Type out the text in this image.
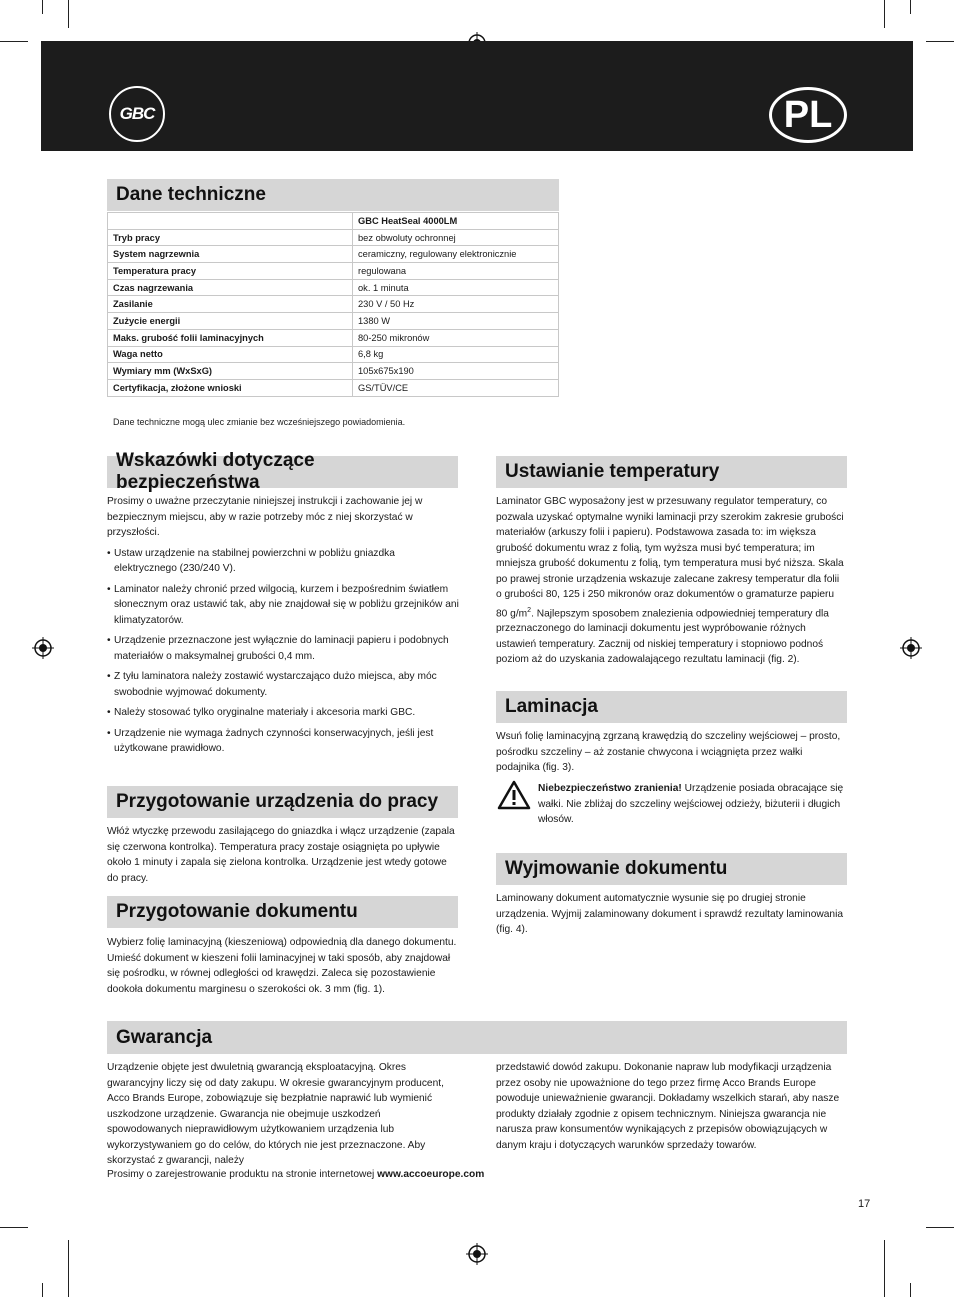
GBC	PL
Dane techniczne
	GBC HeatSeal 4000LM
Tryb pracy	bez obwoluty ochronnej
System nagrzewnia	ceramiczny, regulowany elektronicznie
Temperatura pracy	regulowana
Czas nagrzewania	ok. 1 minuta
Zasilanie	230 V / 50 Hz
Zużycie energii	1380 W
Maks. grubość folii laminacyjnych	80-250 mikronów
Waga netto	6,8 kg
Wymiary mm (WxSxG)	105x675x190
Certyfikacja, złożone wnioski	GS/TÜV/CE
Dane techniczne mogą ulec zmianie bez wcześniejszego powiadomienia.
Wskazówki dotyczące bezpieczeństwa

Prosimy o uważne przeczytanie niniejszej instrukcji i zachowanie jej w bezpiecznym miejscu, aby w razie potrzeby móc z niej skorzystać w przyszłości.

• Ustaw urządzenie na stabilnej powierzchni w pobliżu gniazdka elektrycznego (230/240 V).
• Laminator należy chronić przed wilgocią, kurzem i bezpośrednim światłem słonecznym oraz ustawić tak, aby nie znajdował się w pobliżu grzejników ani klimatyzatorów.
• Urządzenie przeznaczone jest wyłącznie do laminacji papieru i podobnych materiałów o maksymalnej grubości 0,4 mm.
• Z tyłu laminatora należy zostawić wystarczająco dużo miejsca, aby móc swobodnie wyjmować dokumenty.
• Należy stosować tylko oryginalne materiały i akcesoria marki GBC.
• Urządzenie nie wymaga żadnych czynności konserwacyjnych, jeśli jest użytkowane prawidłowo.
Przygotowanie urządzenia do pracy
Włóż wtyczkę przewodu zasilającego do gniazdka i włącz urządzenie (zapala się czerwona kontrolka). Temperatura pracy zostaje osiągnięta po upływie około 1 minuty i zapala się zielona kontrolka. Urządzenie jest wtedy gotowe do pracy.
Przygotowanie dokumentu
Wybierz folię laminacyjną (kieszeniową) odpowiednią dla danego dokumentu. Umieść dokument w kieszeni folii laminacyjnej w taki sposób, aby znajdował się pośrodku, w równej odległości od krawędzi. Zaleca się pozostawienie dookoła dokumentu marginesu o szerokości ok. 3 mm (fig. 1).
Ustawianie temperatury
Laminator GBC wyposażony jest w przesuwany regulator temperatury, co pozwala uzyskać optymalne wyniki laminacji przy szerokim zakresie grubości materiałów (arkuszy folii i papieru). Podstawowa zasada to: im większa grubość dokumentu wraz z folią, tym wyższa musi być temperatura; im mniejsza grubość dokumentu z folią, tym temperatura musi być niższa. Skala po prawej stronie urządzenia wskazuje zalecane zakresy temperatur dla folii o grubości 80, 125 i 250 mikronów oraz dokumentów o gramaturze papieru 80 $g/m^2$. Najlepszym sposobem znalezienia odpowiedniej temperatury dla przeznaczonego do laminacji dokumentu jest wypróbowanie różnych ustawień temperatury. Zacznij od niskiej temperatury i stopniowo podnoś poziom aż do uzyskania zadowalającego rezultatu laminacji (fig. 2).
Laminacja
Wsuń folię laminacyjną zgrzaną krawędzią do szczeliny wejściowej – prosto, pośrodku szczeliny – aż zostanie chwycona i wciągnięta przez wałki podajnika (fig. 3).
Niebezpieczeństwo zranienia! Urządzenie posiada obracające się wałki. Nie zbliżaj do szczeliny wejściowej odzieży, biżuterii i długich włosów.
Wyjmowanie dokumentu
Laminowany dokument automatycznie wysunie się po drugiej stronie urządzenia. Wyjmij zalaminowany dokument i sprawdź rezultaty laminowania (fig. 4).
Gwarancja
Urządzenie objęte jest dwuletnią gwarancją eksploatacyjną. Okres gwarancyjny liczy się od daty zakupu. W okresie gwarancyjnym producent, Acco Brands Europe, zobowiązuje się bezpłatnie naprawić lub wymienić uszkodzone urządzenie. Gwarancja nie obejmuje uszkodzeń spowodowanych nieprawidłowym użytkowaniem urządzenia lub wykorzystywaniem go do celów, do których nie jest przeznaczone. Aby skorzystać z gwarancji, należy
przedstawić dowód zakupu. Dokonanie napraw lub modyfikacji urządzenia przez osoby nie upoważnione do tego przez firmę Acco Brands Europe powoduje unieważnienie gwarancji. Dokładamy wszelkich starań, aby nasze produkty działały zgodnie z opisem technicznym. Niniejsza gwarancja nie narusza praw konsumentów wynikających z przepisów obowiązujących w danym kraju i dotyczących warunków sprzedaży towarów.
Prosimy o zarejestrowanie produktu na stronie internetowej www.accoeurope.com
17
